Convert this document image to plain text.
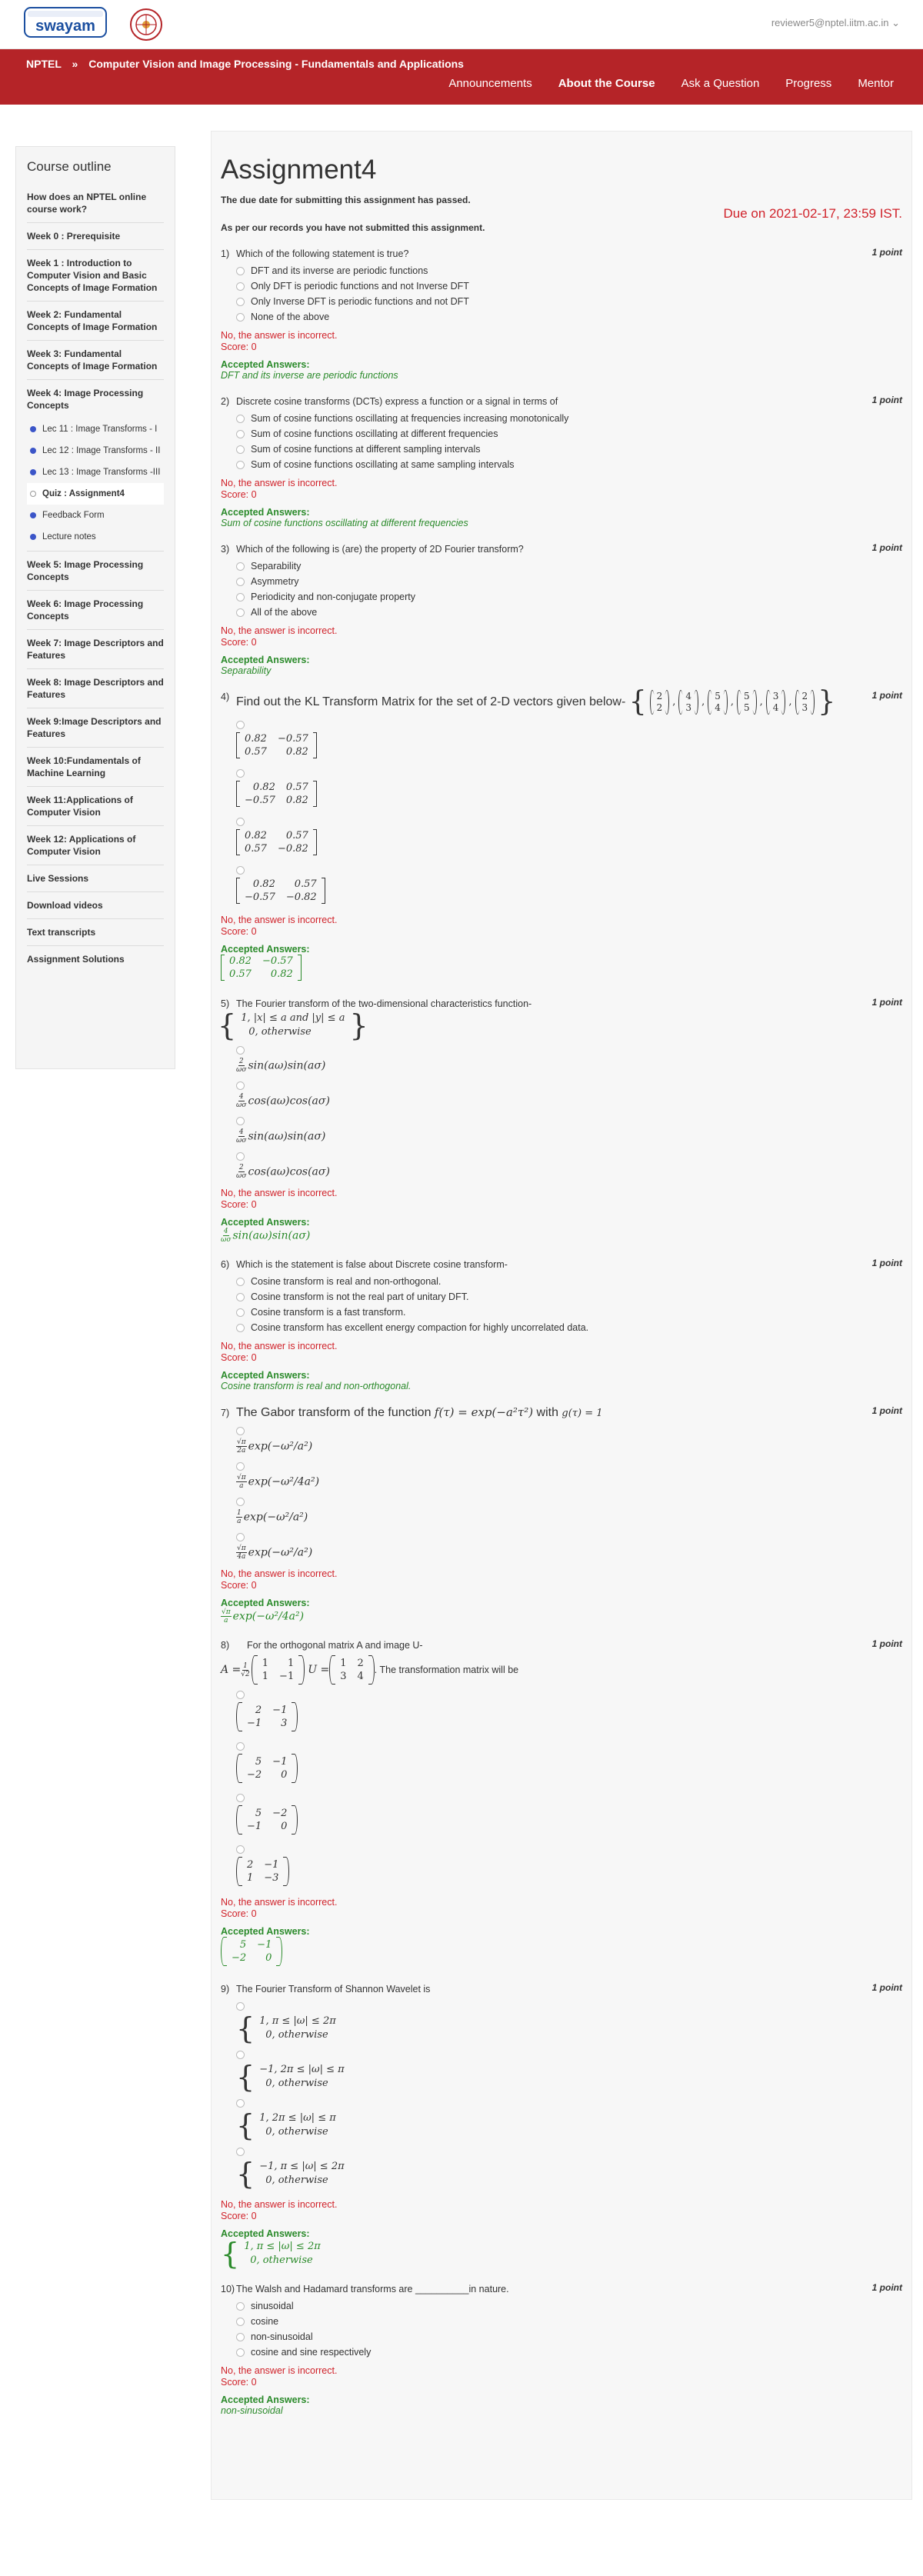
swayam	reviewer5@nptel.iitm.ac.in ⌄
NPTEL » Computer Vision and Image Processing - Fundamentals and Applications
Announcements About the Course Ask a Question Progress Mentor
Course outline
How does an NPTEL online course work?
Week 0 : Prerequisite
Week 1 : Introduction to Computer Vision and Basic Concepts of Image Formation
Week 2: Fundamental Concepts of Image Formation
Week 3: Fundamental Concepts of Image Formation
Week 4: Image Processing Concepts
Lec 11 : Image Transforms - I
Lec 12 : Image Transforms - II
Lec 13 : Image Transforms -III
Quiz : Assignment4
Feedback Form
Lecture notes
Week 5: Image Processing Concepts
Week 6: Image Processing Concepts
Week 7: Image Descriptors and Features
Week 8: Image Descriptors and Features
Week 9:Image Descriptors and Features
Week 10:Fundamentals of Machine Learning
Week 11:Applications of Computer Vision
Week 12: Applications of Computer Vision
Live Sessions
Download videos
Text transcripts
Assignment Solutions
Assignment4
The due date for submitting this assignment has passed.
Due on 2021-02-17, 23:59 IST.
As per our records you have not submitted this assignment.
1) Which of the following statement is true?	1 point
DFT and its inverse are periodic functions
Only DFT is periodic functions and not Inverse DFT
Only Inverse DFT is periodic functions and not DFT
None of the above
No, the answer is incorrect.
Score: 0
Accepted Answers:
DFT and its inverse are periodic functions
2) Discrete cosine transforms (DCTs) express a function or a signal in terms of	1 point
Sum of cosine functions oscillating at frequencies increasing monotonically
Sum of cosine functions oscillating at different frequencies
Sum of cosine functions at different sampling intervals
Sum of cosine functions oscillating at same sampling intervals
No, the answer is incorrect.
Score: 0
Accepted Answers:
Sum of cosine functions oscillating at different frequencies
3) Which of the following is (are) the property of 2D Fourier transform?	1 point
Separability
Asymmetry
Periodicity and non-conjugate property
All of the above
No, the answer is incorrect.
Score: 0
Accepted Answers:
Separability
4) Find out the KL Transform Matrix for the set of 2-D vectors given below- { 2
2 , 4
3 , 5
4 , 5
5 , 3
4 , 2
3 }	1 point
0.82 −0.57
0.57	0.82
0.82 0.57
−0.57 0.82
0.82	0.57
0.57 −0.82
0.82	0.57
−0.57 −0.82
No, the answer is incorrect.
Score: 0
Accepted Answers:
0.82 −0.57
0.57	0.82
5) The Fourier transform of the two-dimensional characteristics function-	1 point
{ 1, |x| ≤ a and |y| ≤ a
0, otherwise	}
$\frac{2}{\omega\sigma} \sin(a\omega)\sin(a\sigma)$
$\frac{4}{\omega\sigma} \cos(a\omega)\cos(a\sigma)$
$\frac{4}{\omega\sigma} \sin(a\omega)\sin(a\sigma)$
$\frac{2}{\omega\sigma} \cos(a\omega)\cos(a\sigma)$
No, the answer is incorrect.
Score: 0
Accepted Answers:
$\frac{4}{\omega\sigma} \sin(a\omega)\sin(a\sigma)$
6) Which is the statement is false about Discrete cosine transform-	1 point
Cosine transform is real and non-orthogonal.
Cosine transform is not the real part of unitary DFT.
Cosine transform is a fast transform.
Cosine transform has excellent energy compaction for highly uncorrelated data.
No, the answer is incorrect.
Score: 0
Accepted Answers:
Cosine transform is real and non-orthogonal.
7) The Gabor transform of the function f(τ) = exp(−a²τ²) with g(τ) = 1	1 point
$\frac{√\pi}{2a} \exp(-\omega^2/a^2)$
$\frac{√\pi}{a} \exp(-\omega^2/4a^2)$
$\frac{1}{a} \exp(-\omega^2/a^2)$
$\frac{√\pi}{4a} \exp(-\omega^2/a^2)$
No, the answer is incorrect.
Score: 0
Accepted Answers:
$\frac{√\pi}{a} \exp(-\omega^2/4a^2)$
8) For the orthogonal matrix A and image U-	1 point
$A = \frac{1}{√2} 1$	1
1 −1
U =
1 2
3 4
. The transformation matrix will be
2 −1
−1	3
5 −1
−2	0
5 −2
−1	0
2 −1
1 −3
No, the answer is incorrect.
Score: 0
Accepted Answers:
5 −1
−2	0
9) The Fourier Transform of Shannon Wavelet is	1 point
{ 1, π ≤ |ω| ≤ 2π
0, otherwise
{ −1, 2π ≤ |ω| ≤ π
0, otherwise
{ 1, 2π ≤ |ω| ≤ π
0, otherwise
{ −1, π ≤ |ω| ≤ 2π
0, otherwise
No, the answer is incorrect.
Score: 0
Accepted Answers:
{ 1, π ≤ |ω| ≤ 2π
0, otherwise
10) The Walsh and Hadamard transforms are __________in nature.	1 point
sinusoidal
cosine
non-sinusoidal
cosine and sine respectively
No, the answer is incorrect.
Score: 0
Accepted Answers:
non-sinusoidal
